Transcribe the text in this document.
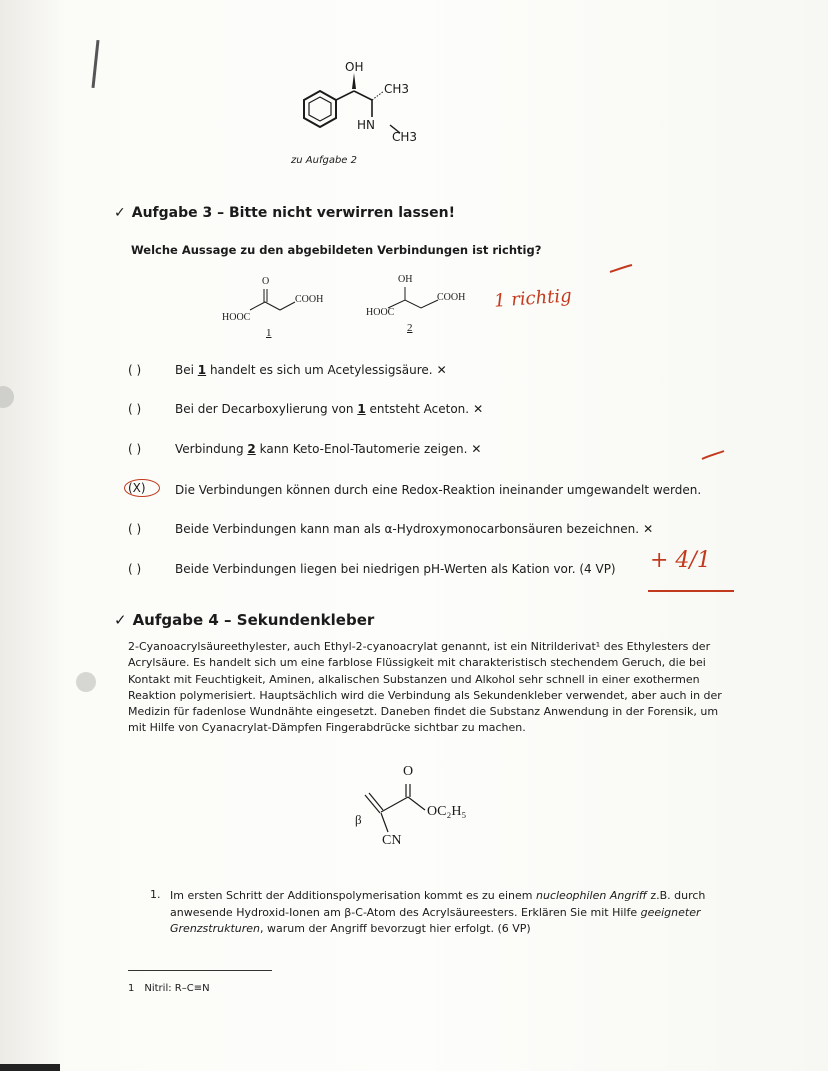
OH
CH3
HN
CH3
zu Aufgabe 2
✓ Aufgabe 3 – Bitte nicht verwirren lassen!
Welche Aussage zu den abgebildeten Verbindungen ist richtig?
O
COOH
HOOC
1
OH
COOH
HOOC
2
1 richtig
( )	Bei 1 handelt es sich um Acetylessigsäure. ✕
( )	Bei der Decarboxylierung von 1 entsteht Aceton. ✕
( )	Verbindung 2 kann Keto-Enol-Tautomerie zeigen. ✕
(X)	Die Verbindungen können durch eine Redox-Reaktion ineinander umgewandelt werden.
( )	Beide Verbindungen kann man als α-Hydroxymonocarbonsäuren bezeichnen. ✕
( )	Beide Verbindungen liegen bei niedrigen pH-Werten als Kation vor. (4 VP) + 4/1
✓ Aufgabe 4 – Sekundenkleber
2-Cyanoacrylsäureethylester, auch Ethyl-2-cyanoacrylat genannt, ist ein Nitrilderivat¹ des Ethylesters der
Acrylsäure. Es handelt sich um eine farblose Flüssigkeit mit charakteristisch stechendem Geruch, die bei
Kontakt mit Feuchtigkeit, Aminen, alkalischen Substanzen und Alkohol sehr schnell in einer exothermen
Reaktion polymerisiert. Hauptsächlich wird die Verbindung als Sekundenkleber verwendet, aber auch in der
Medizin für fadenlose Wundnähte eingesetzt. Daneben findet die Substanz Anwendung in der Forensik, um
mit Hilfe von Cyanacrylat-Dämpfen Fingerabdrücke sichtbar zu machen.
O
OC₂H₅
β
CN
1. Im ersten Schritt der Additionspolymerisation kommt es zu einem nucleophilen Angriff z.B. durch
anwesende Hydroxid-Ionen am β-C-Atom des Acrylsäureesters. Erklären Sie mit Hilfe geeigneter
Grenzstrukturen, warum der Angriff bevorzugt hier erfolgt. (6 VP)
1 Nitril: R–C≡N
